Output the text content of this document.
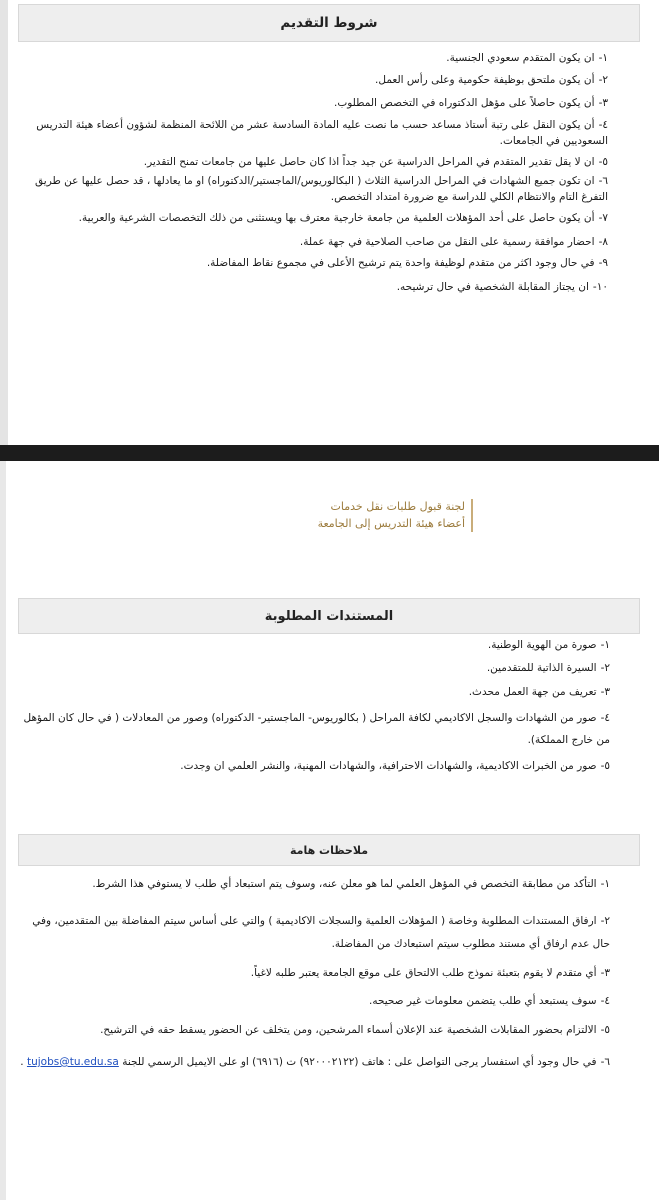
شروط التقديم
١-ان يكون المتقدم سعودي الجنسية.
٢-أن يكون ملتحق بوظيفة حكومية وعلى رأس العمل.
٣-أن يكون حاصلاً على مؤهل الدكتوراه في التخصص المطلوب.
٤-أن يكون النقل على رتبة أستاذ مساعد حسب ما نصت عليه المادة السادسة عشر من اللائحة المنظمة لشؤون أعضاء هيئة التدريس السعوديين في الجامعات.
٥-ان لا يقل تقدير المتقدم في المراحل الدراسية عن جيد جداً اذا كان حاصل عليها من جامعات تمنح التقدير.
٦-ان تكون جميع الشهادات في المراحل الدراسية الثلاث ( البكالوريوس/الماجستير/الدكتوراه) او ما يعادلها ، قد حصل عليها عن طريق التفرغ التام والانتظام الكلي للدراسة مع ضرورة امتداد التخصص.
٧-أن يكون حاصل على أحد المؤهلات العلمية من جامعة خارجية معترف بها ويستثنى من ذلك التخصصات الشرعية والعربية.
٨-احضار موافقة رسمية على النقل من صاحب الصلاحية في جهة عملة.
٩-في حال وجود اكثر من متقدم لوظيفة واحدة يتم ترشيح الأعلى في مجموع نقاط المفاضلة.
١٠-ان يجتاز المقابلة الشخصية في حال ترشيحه.
لجنة قبول طلبات نقل خدمات
أعضاء هيئة التدريس إلى الجامعة
المستندات المطلوبة
١-صورة من الهوية الوطنية.
٢-السيرة الذاتية للمتقدمين.
٣-تعريف من جهة العمل محدث.
٤-صور من الشهادات والسجل الاكاديمي لكافة المراحل ( بكالوريوس- الماجستير- الدكتوراه) وصور من المعادلات ( في حال كان المؤهل من خارج المملكة).
٥-صور من الخبرات الاكاديمية، والشهادات الاحترافية، والشهادات المهنية، والنشر العلمي ان وجدت.
ملاحظات هامة
١-التأكد من مطابقة التخصص في المؤهل العلمي لما هو معلن عنه، وسوف يتم استبعاد أي طلب لا يستوفي هذا الشرط.
٢-ارفاق المستندات المطلوبة وخاصة ( المؤهلات العلمية والسجلات الاكاديمية ) والتي على أساس سيتم المفاضلة بين المتقدمين، وفي حال عدم ارفاق أي مستند مطلوب سيتم استبعادك من المفاضلة.
٣-أي متقدم لا يقوم بتعبئة نموذج طلب الالتحاق على موقع الجامعة يعتبر طلبه لاغياً.
٤-سوف يستبعد أي طلب يتضمن معلومات غير صحيحه.
٥-الالتزام بحضور المقابلات الشخصية عند الإعلان أسماء المرشحين، ومن يتخلف عن الحضور يسقط حقه في الترشيح.
٦-في حال وجود أي استفسار يرجى التواصل على : هاتف (٩٢٠٠٠٢١٢٢) ت (٦٩١٦) او على الايميل الرسمي للجنة tujobs@tu.edu.sa .
